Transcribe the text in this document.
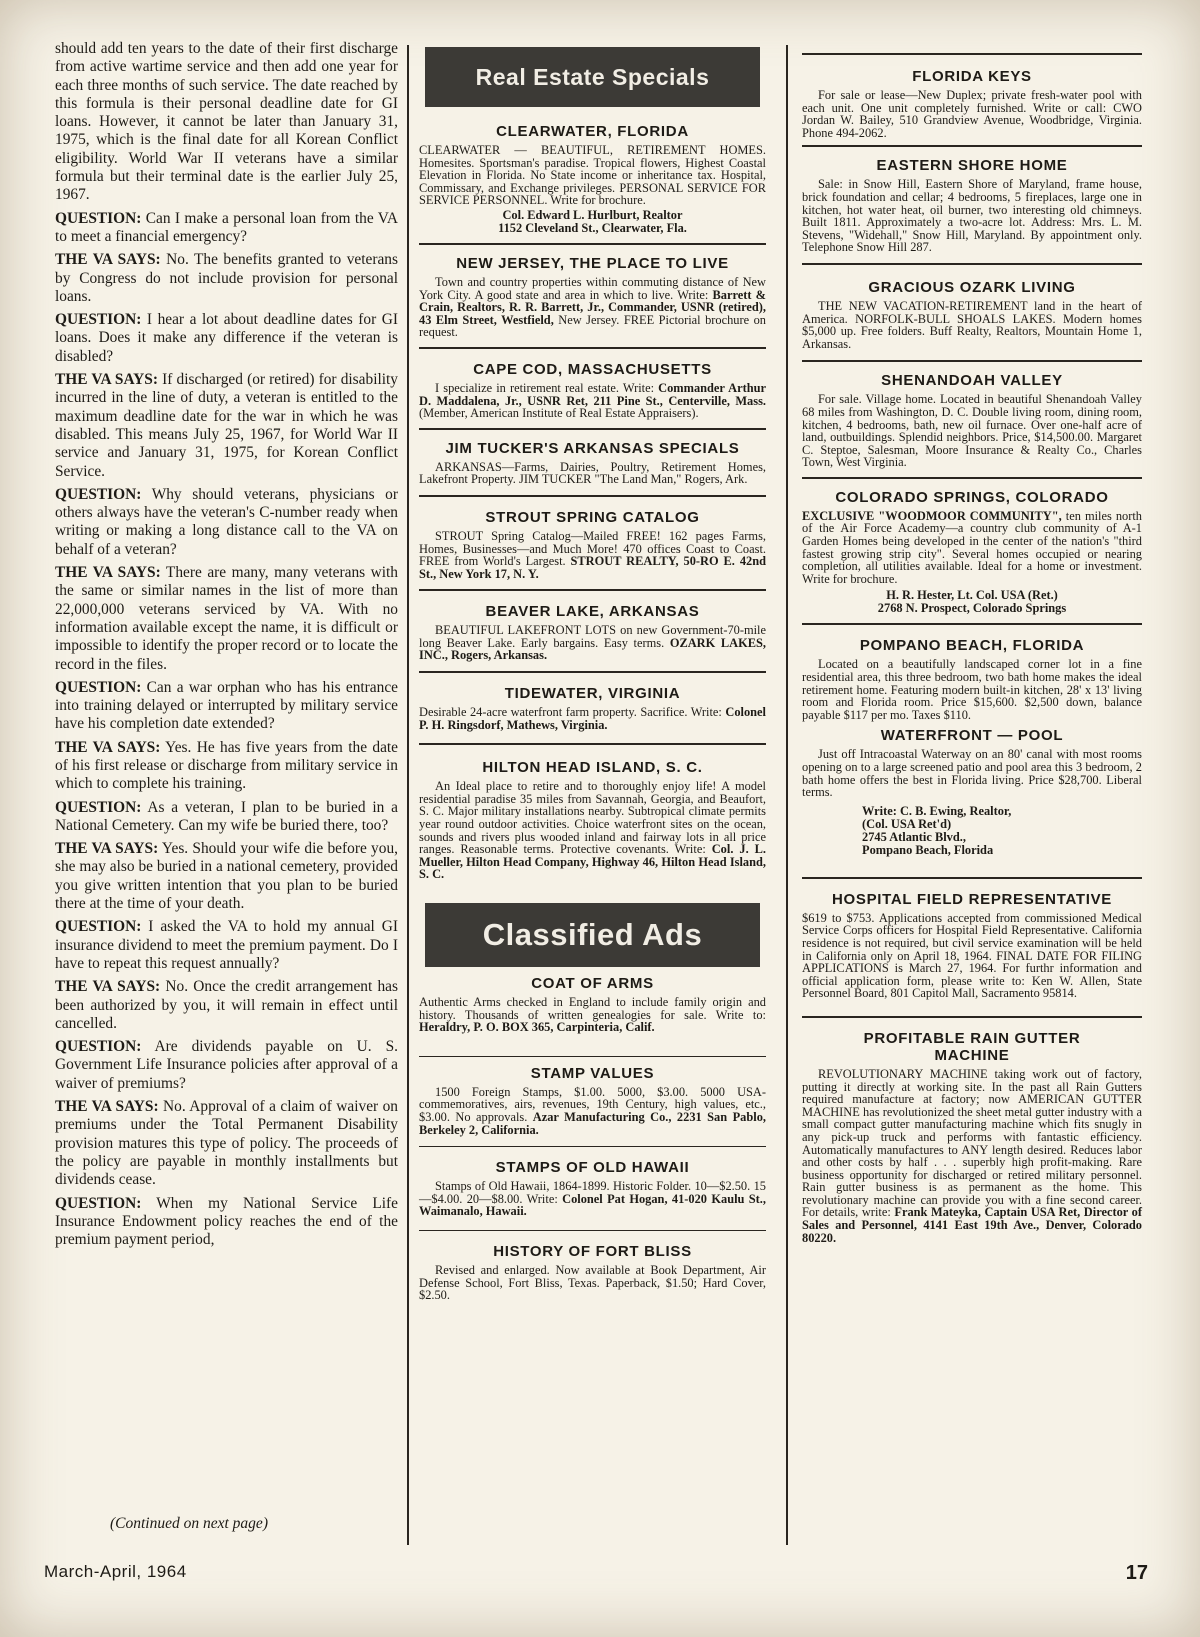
should add ten years to the date of their first discharge from active wartime service and then add one year for each three months of such service. The date reached by this formula is their personal deadline date for GI loans. However, it cannot be later than January 31, 1975, which is the final date for all Korean Conflict eligibility. World War II veterans have a similar formula but their terminal date is the earlier July 25, 1967.

QUESTION: Can I make a personal loan from the VA to meet a financial emergency?

THE VA SAYS: No. The benefits granted to veterans by Congress do not include provision for personal loans.

QUESTION: I hear a lot about deadline dates for GI loans. Does it make any difference if the veteran is disabled?

THE VA SAYS: If discharged (or retired) for disability incurred in the line of duty, a veteran is entitled to the maximum deadline date for the war in which he was disabled. This means July 25, 1967, for World War II service and January 31, 1975, for Korean Conflict Service.

QUESTION: Why should veterans, physicians or others always have the veteran's C-number ready when writing or making a long distance call to the VA on behalf of a veteran?

THE VA SAYS: There are many, many veterans with the same or similar names in the list of more than 22,000,000 veterans serviced by VA. With no information available except the name, it is difficult or impossible to identify the proper record or to locate the record in the files.

QUESTION: Can a war orphan who has his entrance into training delayed or interrupted by military service have his completion date extended?

THE VA SAYS: Yes. He has five years from the date of his first release or discharge from military service in which to complete his training.

QUESTION: As a veteran, I plan to be buried in a National Cemetery. Can my wife be buried there, too?

THE VA SAYS: Yes. Should your wife die before you, she may also be buried in a national cemetery, provided you give written intention that you plan to be buried there at the time of your death.

QUESTION: I asked the VA to hold my annual GI insurance dividend to meet the premium payment. Do I have to repeat this request annually?

THE VA SAYS: No. Once the credit arrangement has been authorized by you, it will remain in effect until cancelled.

QUESTION: Are dividends payable on U. S. Government Life Insurance policies after approval of a waiver of premiums?

THE VA SAYS: No. Approval of a claim of waiver on premiums under the Total Permanent Disability provision matures this type of policy. The proceeds of the policy are payable in monthly installments but dividends cease.

QUESTION: When my National Service Life Insurance Endowment policy reaches the end of the premium payment period,

(Continued on next page)
March-April, 1964	17
Real Estate Specials
CLEARWATER, FLORIDA

CLEARWATER — BEAUTIFUL, RETIREMENT HOMES. Homesites. Sportsman's paradise. Tropical flowers, Highest Coastal Elevation in Florida. No State income or inheritance tax. Hospital, Commissary, and Exchange privileges. PERSONAL SERVICE FOR SERVICE PERSONNEL. Write for brochure.

Col. Edward L. Hurlburt, Realtor

1152 Cleveland St., Clearwater, Fla.

NEW JERSEY, THE PLACE TO LIVE

Town and country properties within commuting distance of New York City. A good state and area in which to live. Write: Barrett & Crain, Realtors, R. R. Barrett, Jr., Commander, USNR (retired), 43 Elm Street, Westfield, New Jersey. FREE Pictorial brochure on request.

CAPE COD, MASSACHUSETTS

I specialize in retirement real estate. Write: Commander Arthur D. Maddalena, Jr., USNR Ret, 211 Pine St., Centerville, Mass. (Member, American Institute of Real Estate Appraisers).

JIM TUCKER'S ARKANSAS SPECIALS

ARKANSAS—Farms, Dairies, Poultry, Retirement Homes, Lakefront Property. JIM TUCKER "The Land Man," Rogers, Ark.

STROUT SPRING CATALOG

STROUT Spring Catalog—Mailed FREE! 162 pages Farms, Homes, Businesses—and Much More! 470 offices Coast to Coast. FREE from World's Largest. STROUT REALTY, 50-RO E. 42nd St., New York 17, N. Y.

BEAVER LAKE, ARKANSAS

BEAUTIFUL LAKEFRONT LOTS on new Government-70-mile long Beaver Lake. Early bargains. Easy terms. OZARK LAKES, INC., Rogers, Arkansas.

TIDEWATER, VIRGINIA

Desirable 24-acre waterfront farm property. Sacrifice. Write: Colonel P. H. Ringsdorf, Mathews, Virginia.

HILTON HEAD ISLAND, S. C.

An Ideal place to retire and to thoroughly enjoy life! A model residential paradise 35 miles from Savannah, Georgia, and Beaufort, S. C. Major military installations nearby. Subtropical climate permits year round outdoor activities. Choice waterfront sites on the ocean, sounds and rivers plus wooded inland and fairway lots in all price ranges. Reasonable terms. Protective covenants. Write: Col. J. L. Mueller, Hilton Head Company, Highway 46, Hilton Head Island, S. C.

Classified Ads
COAT OF ARMS

Authentic Arms checked in England to include family origin and history. Thousands of written genealogies for sale. Write to: Heraldry, P. O. BOX 365, Carpinteria, Calif.

STAMP VALUES

1500 Foreign Stamps, $1.00. 5000, $3.00. 5000 USA-commemoratives, airs, revenues, 19th Century, high values, etc., $3.00. No approvals. Azar Manufacturing Co., 2231 San Pablo, Berkeley 2, California.

STAMPS OF OLD HAWAII

Stamps of Old Hawaii, 1864-1899. Historic Folder. 10—$2.50. 15—$4.00. 20—$8.00. Write: Colonel Pat Hogan, 41-020 Kaulu St., Waimanalo, Hawaii.

HISTORY OF FORT BLISS

Revised and enlarged. Now available at Book Department, Air Defense School, Fort Bliss, Texas. Paperback, $1.50; Hard Cover, $2.50.

FLORIDA KEYS

For sale or lease—New Duplex; private fresh-water pool with each unit. One unit completely furnished. Write or call: CWO Jordan W. Bailey, 510 Grandview Avenue, Woodbridge, Virginia. Phone 494-2062.

EASTERN SHORE HOME

Sale: in Snow Hill, Eastern Shore of Maryland, frame house, brick foundation and cellar; 4 bedrooms, 5 fireplaces, large one in kitchen, hot water heat, oil burner, two interesting old chimneys. Built 1811. Approximately a two-acre lot. Address: Mrs. L. M. Stevens, "Widehall," Snow Hill, Maryland. By appointment only. Telephone Snow Hill 287.

GRACIOUS OZARK LIVING

THE NEW VACATION-RETIREMENT land in the heart of America. NORFOLK-BULL SHOALS LAKES. Modern homes $5,000 up. Free folders. Buff Realty, Realtors, Mountain Home 1, Arkansas.

SHENANDOAH VALLEY

For sale. Village home. Located in beautiful Shenandoah Valley 68 miles from Washington, D. C. Double living room, dining room, kitchen, 4 bedrooms, bath, new oil furnace. Over one-half acre of land, outbuildings. Splendid neighbors. Price, $14,500.00. Margaret C. Steptoe, Salesman, Moore Insurance & Realty Co., Charles Town, West Virginia.

COLORADO SPRINGS, COLORADO

EXCLUSIVE "WOODMOOR COMMUNITY", ten miles north of the Air Force Academy—a country club community of A-1 Garden Homes being developed in the center of the nation's "third fastest growing strip city". Several homes occupied or nearing completion, all utilities available. Ideal for a home or investment. Write for brochure.

H. R. Hester, Lt. Col. USA (Ret.)

2768 N. Prospect, Colorado Springs

POMPANO BEACH, FLORIDA

Located on a beautifully landscaped corner lot in a fine residential area, this three bedroom, two bath home makes the ideal retirement home. Featuring modern built-in kitchen, 28' x 13' living room and Florida room. Price $15,600. $2,500 down, balance payable $117 per mo. Taxes $110.

WATERFRONT — POOL

Just off Intracoastal Waterway on an 80' canal with most rooms opening on to a large screened patio and pool area this 3 bedroom, 2 bath home offers the best in Florida living. Price $28,700. Liberal terms.

Write: C. B. Ewing, Realtor,

(Col. USA Ret'd)

2745 Atlantic Blvd.,

Pompano Beach, Florida

HOSPITAL FIELD REPRESENTATIVE

$619 to $753. Applications accepted from commissioned Medical Service Corps officers for Hospital Field Representative. California residence is not required, but civil service examination will be held in California only on April 18, 1964. FINAL DATE FOR FILING APPLICATIONS is March 27, 1964. For furthr information and official application form, please write to: Ken W. Allen, State Personnel Board, 801 Capitol Mall, Sacramento 95814.

PROFITABLE RAIN GUTTER MACHINE

REVOLUTIONARY MACHINE taking work out of factory, putting it directly at working site. In the past all Rain Gutters required manufacture at factory; now AMERICAN GUTTER MACHINE has revolutionized the sheet metal gutter industry with a small compact gutter manufacturing machine which fits snugly in any pick-up truck and performs with fantastic efficiency. Automatically manufactures to ANY length desired. Reduces labor and other costs by half . . . superbly high profit-making. Rare business opportunity for discharged or retired military personnel. Rain gutter business is as permanent as the home. This revolutionary machine can provide you with a fine second career. For details, write: Frank Mateyka, Captain USA Ret, Director of Sales and Personnel, 4141 East 19th Ave., Denver, Colorado 80220.
